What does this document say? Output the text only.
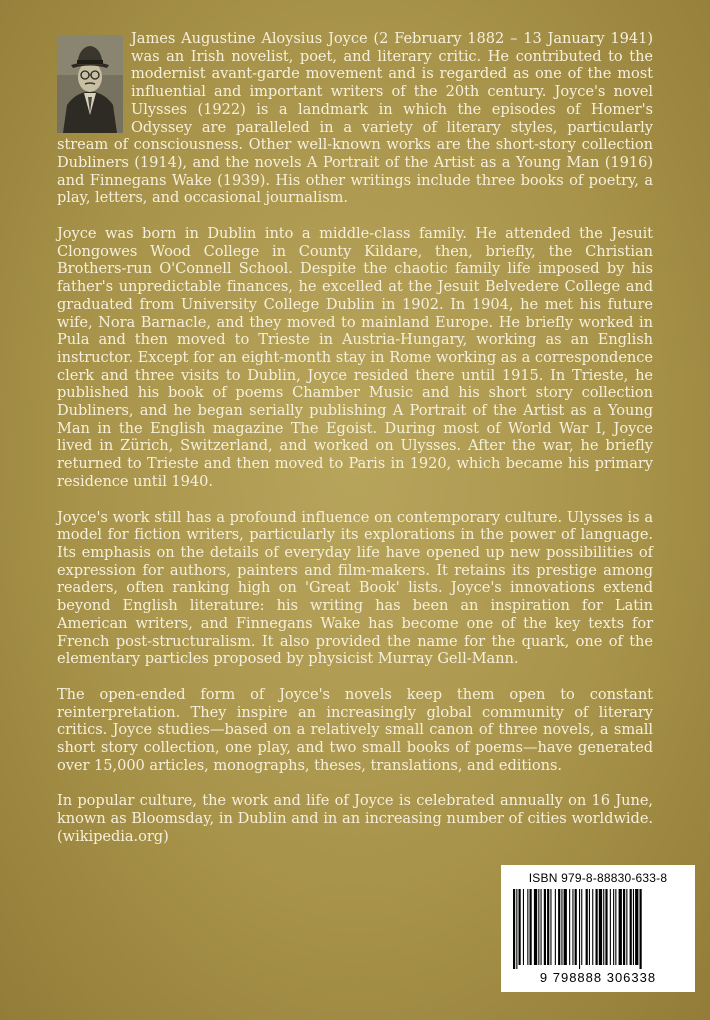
James Augustine Aloysius Joyce (2 February 1882 – 13 January 1941) was an Irish novelist, poet, and literary critic. He contributed to the modernist avant-garde movement and is regarded as one of the most influential and important writers of the 20th century. Joyce's novel Ulysses (1922) is a landmark in which the episodes of Homer's Odyssey are paralleled in a variety of literary styles, particularly stream of consciousness. Other well-known works are the short-story collection Dubliners (1914), and the novels A Portrait of the Artist as a Young Man (1916) and Finnegans Wake (1939). His other writings include three books of poetry, a play, letters, and occasional journalism.

Joyce was born in Dublin into a middle-class family. He attended the Jesuit Clongowes Wood College in County Kildare, then, briefly, the Christian Brothers-run O'Connell School. Despite the chaotic family life imposed by his father's unpredictable finances, he excelled at the Jesuit Belvedere College and graduated from University College Dublin in 1902. In 1904, he met his future wife, Nora Barnacle, and they moved to mainland Europe. He briefly worked in Pula and then moved to Trieste in Austria-Hungary, working as an English instructor. Except for an eight-month stay in Rome working as a correspondence clerk and three visits to Dublin, Joyce resided there until 1915. In Trieste, he published his book of poems Chamber Music and his short story collection Dubliners, and he began serially publishing A Portrait of the Artist as a Young Man in the English magazine The Egoist. During most of World War I, Joyce lived in Zürich, Switzerland, and worked on Ulysses. After the war, he briefly returned to Trieste and then moved to Paris in 1920, which became his primary residence until 1940.

Joyce's work still has a profound influence on contemporary culture. Ulysses is a model for fiction writers, particularly its explorations in the power of language. Its emphasis on the details of everyday life have opened up new possibilities of expression for authors, painters and film-makers. It retains its prestige among readers, often ranking high on 'Great Book' lists. Joyce's innovations extend beyond English literature: his writing has been an inspiration for Latin American writers, and Finnegans Wake has become one of the key texts for French post-structuralism. It also provided the name for the quark, one of the elementary particles proposed by physicist Murray Gell-Mann.

The open-ended form of Joyce's novels keep them open to constant reinterpretation. They inspire an increasingly global community of literary critics. Joyce studies—based on a relatively small canon of three novels, a small short story collection, one play, and two small books of poems—have generated over 15,000 articles, monographs, theses, translations, and editions.

In popular culture, the work and life of Joyce is celebrated annually on 16 June, known as Bloomsday, in Dublin and in an increasing number of cities worldwide. (wikipedia.org)

ISBN 979-8-88830-633-8
9 798888 306338
